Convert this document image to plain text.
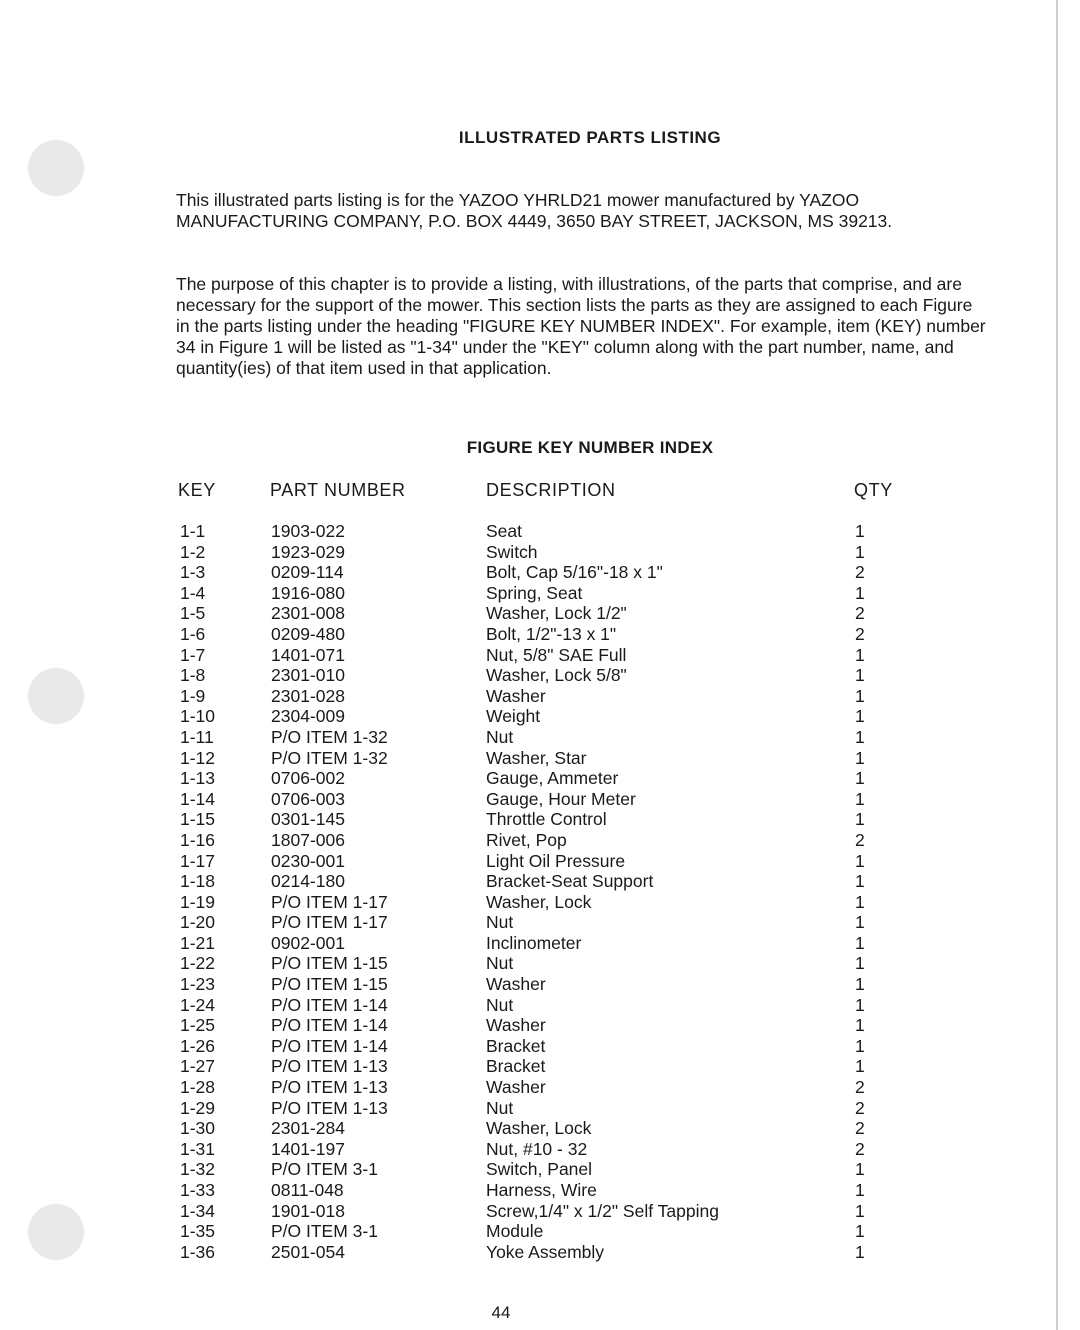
ILLUSTRATED PARTS LISTING

This illustrated parts listing is for the YAZOO YHRLD21 mower manufactured by YAZOO MANUFACTURING COMPANY, P.O. BOX 4449, 3650 BAY STREET, JACKSON, MS 39213.

The purpose of this chapter is to provide a listing, with illustrations, of the parts that comprise, and are necessary for the support of the mower. This section lists the parts as they are assigned to each Figure in the parts listing under the heading "FIGURE KEY NUMBER INDEX". For example, item (KEY) number 34 in Figure 1 will be listed as "1-34" under the "KEY" column along with the part number, name, and quantity(ies) of that item used in that application.

FIGURE KEY NUMBER INDEX
KEY	PART NUMBER	DESCRIPTION	QTY
1-1	1903-022	Seat	1
1-2	1923-029	Switch	1
1-3	0209-114	Bolt, Cap 5/16"-18 x 1"	2
1-4	1916-080	Spring, Seat	1
1-5	2301-008	Washer, Lock 1/2"	2
1-6	0209-480	Bolt, 1/2"-13 x 1"	2
1-7	1401-071	Nut, 5/8" SAE Full	1
1-8	2301-010	Washer, Lock 5/8"	1
1-9	2301-028	Washer	1
1-10	2304-009	Weight	1
1-11	P/O ITEM 1-32	Nut	1
1-12	P/O ITEM 1-32	Washer, Star	1
1-13	0706-002	Gauge, Ammeter	1
1-14	0706-003	Gauge, Hour Meter	1
1-15	0301-145	Throttle Control	1
1-16	1807-006	Rivet, Pop	2
1-17	0230-001	Light Oil Pressure	1
1-18	0214-180	Bracket-Seat Support	1
1-19	P/O ITEM 1-17	Washer, Lock	1
1-20	P/O ITEM 1-17	Nut	1
1-21	0902-001	Inclinometer	1
1-22	P/O ITEM 1-15	Nut	1
1-23	P/O ITEM 1-15	Washer	1
1-24	P/O ITEM 1-14	Nut	1
1-25	P/O ITEM 1-14	Washer	1
1-26	P/O ITEM 1-14	Bracket	1
1-27	P/O ITEM 1-13	Bracket	1
1-28	P/O ITEM 1-13	Washer	2
1-29	P/O ITEM 1-13	Nut	2
1-30	2301-284	Washer, Lock	2
1-31	1401-197	Nut, #10 - 32	2
1-32	P/O ITEM 3-1	Switch, Panel	1
1-33	0811-048	Harness, Wire	1
1-34	1901-018	Screw,1/4" x 1/2" Self Tapping	1
1-35	P/O ITEM 3-1	Module	1
1-36	2501-054	Yoke Assembly	1
44
